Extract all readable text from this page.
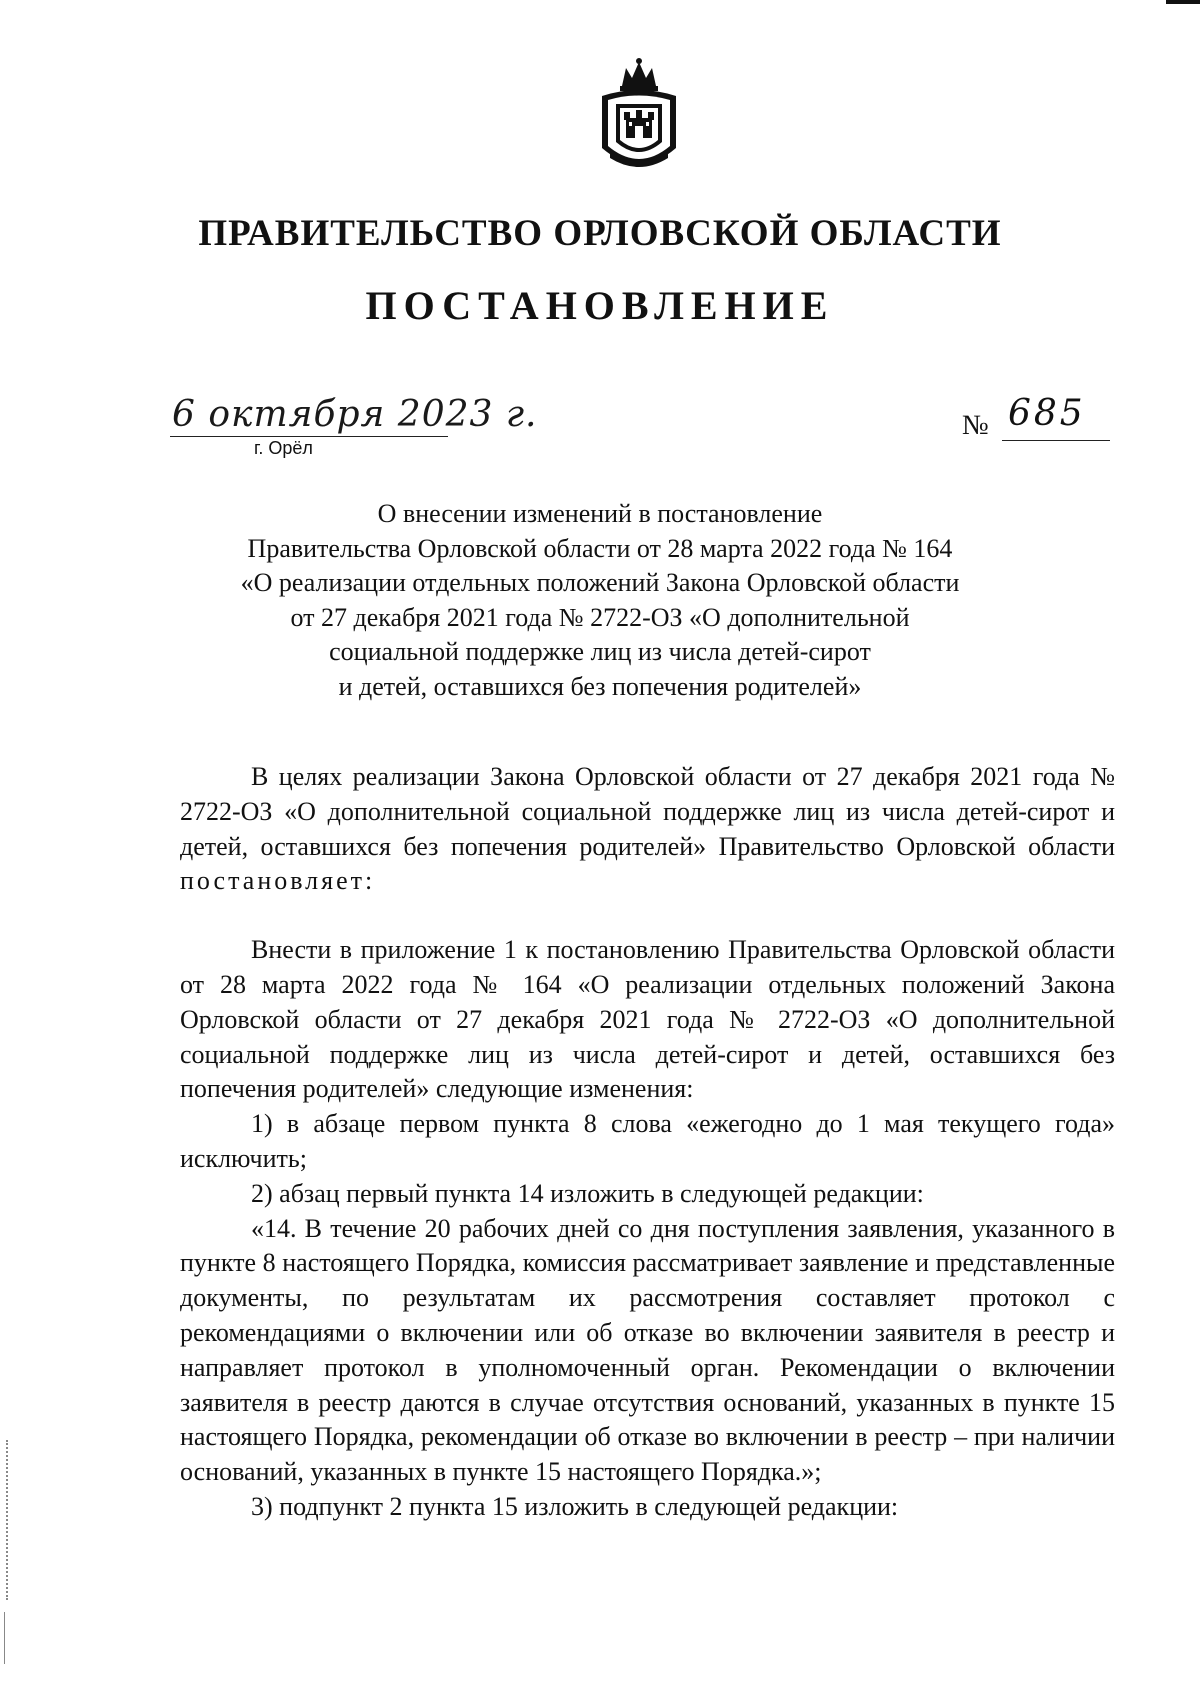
ПРАВИТЕЛЬСТВО ОРЛОВСКОЙ ОБЛАСТИ
ПОСТАНОВЛЕНИЕ
6 октября 2023 г.
г. Орёл
№ 685
О внесении изменений в постановление
Правительства Орловской области от 28 марта 2022 года № 164
«О реализации отдельных положений Закона Орловской области
от 27 декабря 2021 года № 2722-ОЗ «О дополнительной
социальной поддержке лиц из числа детей-сирот
и детей, оставшихся без попечения родителей»

В целях реализации Закона Орловской области от 27 декабря 2021 года № 2722-ОЗ «О дополнительной социальной поддержке лиц из числа детей-сирот и детей, оставшихся без попечения родителей» Правительство Орловской области постановляет:

Внести в приложение 1 к постановлению Правительства Орловской области от 28 марта 2022 года № 164 «О реализации отдельных положений Закона Орловской области от 27 декабря 2021 года № 2722-ОЗ «О дополнительной социальной поддержке лиц из числа детей-сирот и детей, оставшихся без попечения родителей» следующие изменения:

1) в абзаце первом пункта 8 слова «ежегодно до 1 мая текущего года» исключить;

2) абзац первый пункта 14 изложить в следующей редакции:

«14. В течение 20 рабочих дней со дня поступления заявления, указанного в пункте 8 настоящего Порядка, комиссия рассматривает заявление и представленные документы, по результатам их рассмотрения составляет протокол с рекомендациями о включении или об отказе во включении заявителя в реестр и направляет протокол в уполномоченный орган. Рекомендации о включении заявителя в реестр даются в случае отсутствия оснований, указанных в пункте 15 настоящего Порядка, рекомендации об отказе во включении в реестр – при наличии оснований, указанных в пункте 15 настоящего Порядка.»;

3) подпункт 2 пункта 15 изложить в следующей редакции:
